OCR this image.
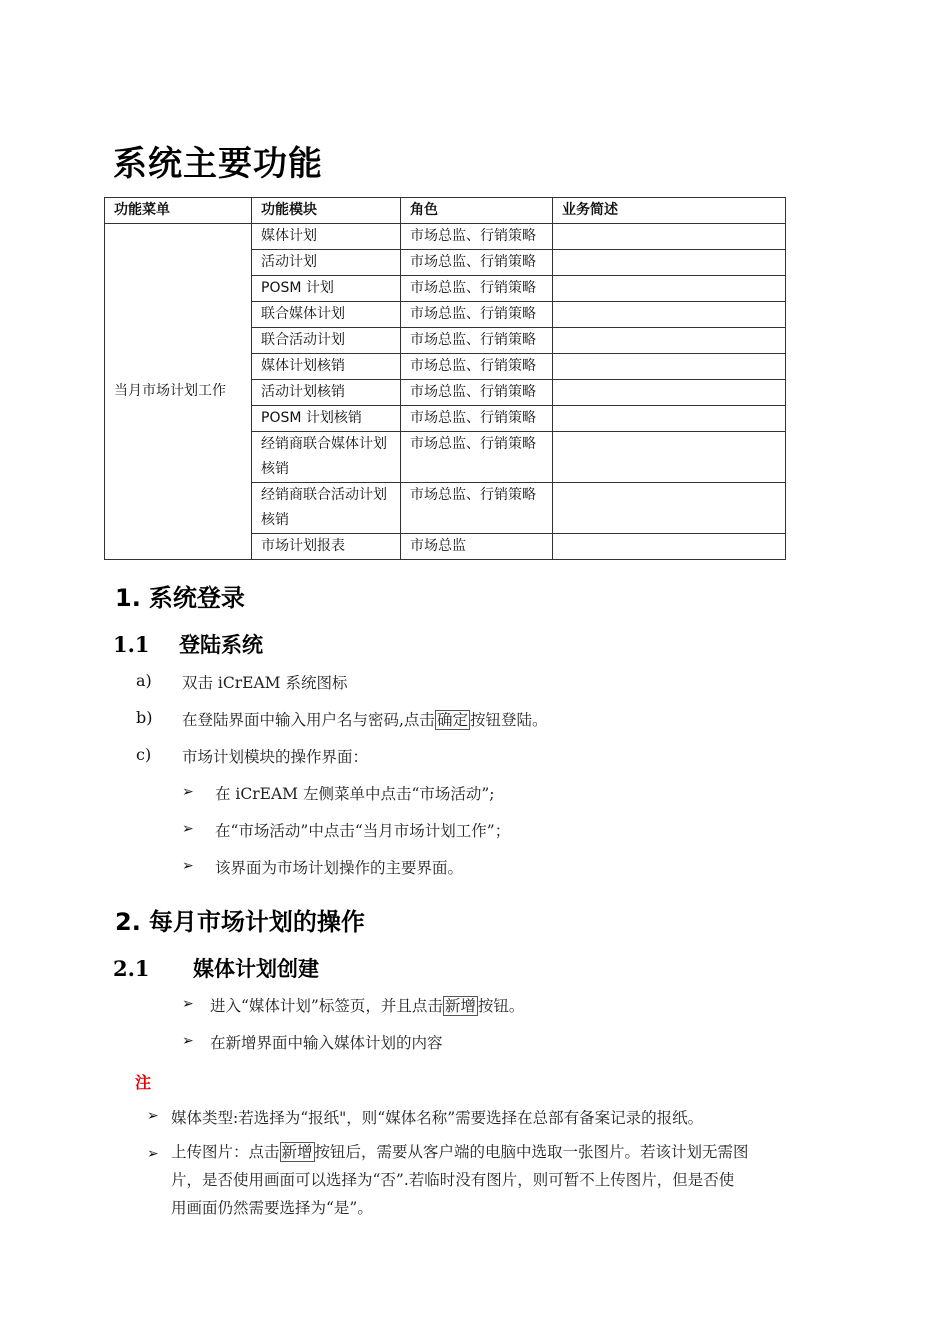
系统主要功能
功能菜单	功能模块	角色	业务简述
当月市场计划工作	媒体计划	市场总监、行销策略	
	活动计划	市场总监、行销策略	
	POSM 计划	市场总监、行销策略	
	联合媒体计划	市场总监、行销策略	
	联合活动计划	市场总监、行销策略	
	媒体计划核销	市场总监、行销策略	
	活动计划核销	市场总监、行销策略	
	POSM 计划核销	市场总监、行销策略	
	经销商联合媒体计划核销	市场总监、行销策略	
	经销商联合活动计划核销	市场总监、行销策略	
	市场计划报表	市场总监	
1. 系统登录
1.1 登陆系统
a) 双击 iCrEAM 系统图标
b) 在登陆界面中输入用户名与密码,点击 确定 按钮登陆。
c) 市场计划模块的操作界面：
➢ 在 iCrEAM 左侧菜单中点击“市场活动”;
➢ 在“市场活动”中点击“当月市场计划工作”；
➢ 该界面为市场计划操作的主要界面。
2. 每月市场计划的操作
2.1 媒体计划创建
➢ 进入“媒体计划”标签页，并且点击 新增 按钮。
➢ 在新增界面中输入媒体计划的内容
注
➢ 媒体类型:若选择为“报纸"，则“媒体名称”需要选择在总部有备案记录的报纸。
➢ 上传图片：点击 新增 按钮后，需要从客户端的电脑中选取一张图片。若该计划无需图
片，是否使用画面可以选择为“否”.若临时没有图片，则可暂不上传图片，但是否使
用画面仍然需要选择为“是”。
